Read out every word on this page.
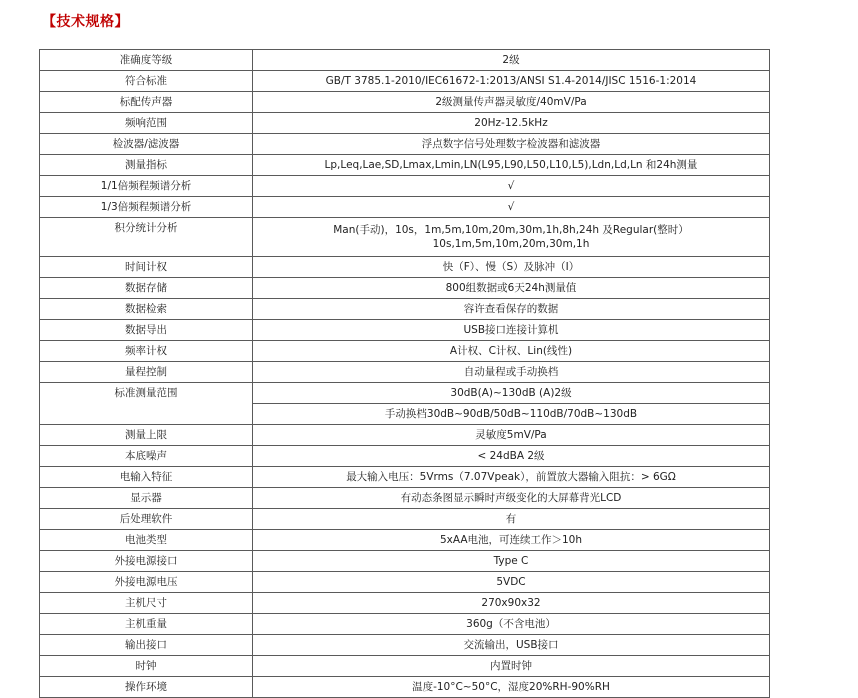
【技术规格】
准确度等级	2级
符合标准	GB/T 3785.1-2010/IEC61672-1:2013/ANSI S1.4-2014/JISC 1516-1:2014
标配传声器	2级测量传声器灵敏度/40mV/Pa
频响范围	20Hz-12.5kHz
检波器/滤波器	浮点数字信号处理数字检波器和滤波器
测量指标	Lp,Leq,Lae,SD,Lmax,Lmin,LN(L95,L90,L50,L10,L5),Ldn,Ld,Ln 和24h测量
1/1倍频程频谱分析	√
1/3倍频程频谱分析	√
积分统计分析	Man(手动)，10s，1m,5m,10m,20m,30m,1h,8h,24h 及Regular(整时）
10s,1m,5m,10m,20m,30m,1h

时间计权	快（F）、慢（S）及脉冲（I）
数据存储	800组数据或6天24h测量值
数据检索	容许查看保存的数据
数据导出	USB接口连接计算机
频率计权	A计权、C计权、Lin(线性)
量程控制	自动量程或手动换档
标准测量范围	30dB(A)~130dB (A)2级
	手动换档30dB~90dB/50dB~110dB/70dB~130dB
测量上限	灵敏度5mV/Pa
本底噪声	< 24dBA 2级
电输入特征	最大输入电压：5Vrms（7.07Vpeak），前置放大器输入阻抗：> 6GΩ
显示器	有动态条图显示瞬时声级变化的大屏幕背光LCD
后处理软件	有
电池类型	5xAA电池，可连续工作＞10h
外接电源接口	Type C
外接电源电压	5VDC
主机尺寸	270x90x32
主机重量	360g（不含电池）
输出接口	交流输出，USB接口
时钟	内置时钟
操作环境	温度-10°C~50°C，湿度20%RH-90%RH
